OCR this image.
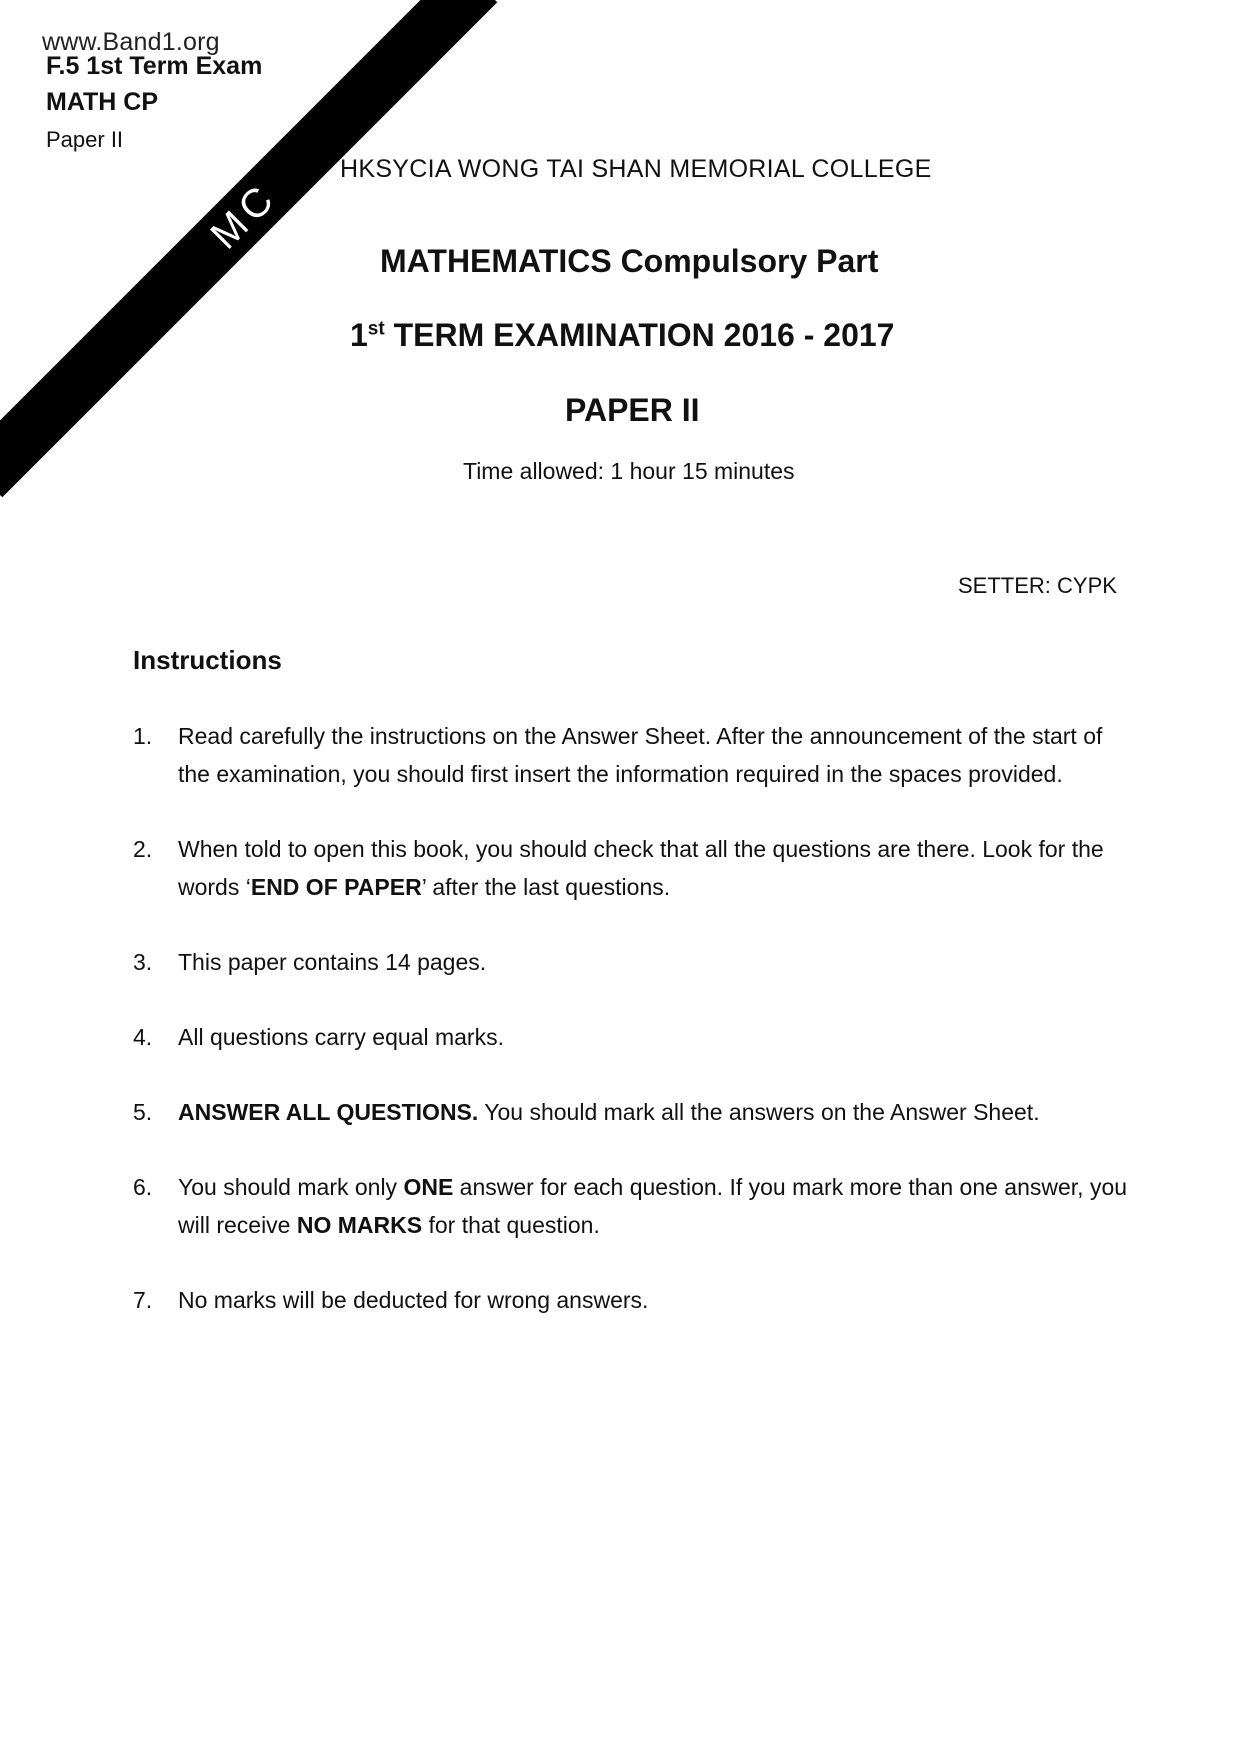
www.Band1.org
F.5 1st Term Exam
MATH CP
Paper II
MC
HKSYCIA WONG TAI SHAN MEMORIAL COLLEGE
MATHEMATICS Compulsory Part
1st TERM EXAMINATION 2016 - 2017
PAPER II
Time allowed: 1 hour 15 minutes
SETTER: CYPK
Instructions
1.	Read carefully the instructions on the Answer Sheet. After the announcement of the start of the examination, you should first insert the information required in the spaces provided.
2.	When told to open this book, you should check that all the questions are there. Look for the words ‘END OF PAPER’ after the last questions.
3.	This paper contains 14 pages.
4.	All questions carry equal marks.
5.	ANSWER ALL QUESTIONS. You should mark all the answers on the Answer Sheet.
6.	You should mark only ONE answer for each question. If you mark more than one answer, you will receive NO MARKS for that question.
7.	No marks will be deducted for wrong answers.
